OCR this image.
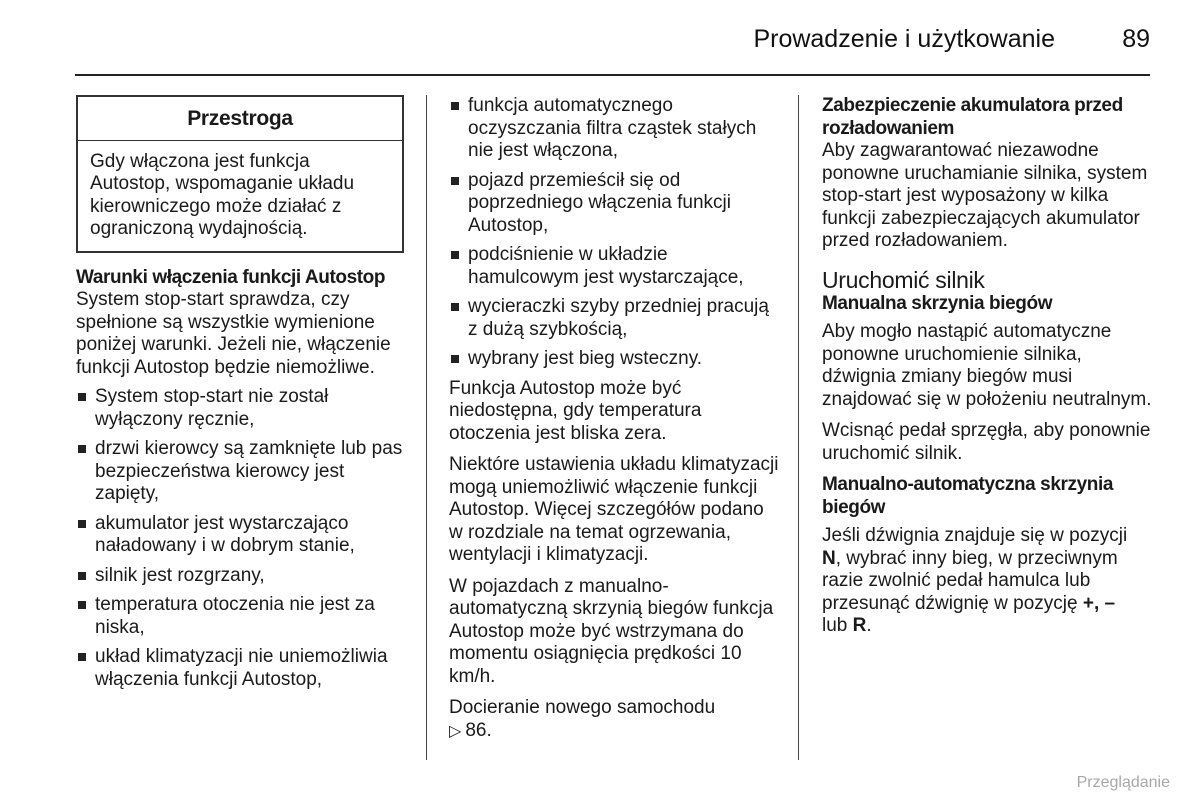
Prowadzenie i użytkowanie	89
Przestroga
Gdy włączona jest funkcja Autostop, wspomaganie układu kierowniczego może działać z ograniczoną wydajnością.
Warunki włączenia funkcji Autostop

System stop-start sprawdza, czy spełnione są wszystkie wymienione poniżej warunki. Jeżeli nie, włączenie funkcji Autostop będzie niemożliwe.

System stop-start nie został wyłączony ręcznie,
drzwi kierowcy są zamknięte lub pas bezpieczeństwa kierowcy jest zapięty,
akumulator jest wystarczająco naładowany i w dobrym stanie,
silnik jest rozgrzany,
temperatura otoczenia nie jest za niska,
układ klimatyzacji nie uniemożliwia włączenia funkcji Autostop,
funkcja automatycznego oczyszczania filtra cząstek stałych nie jest włączona,
pojazd przemieścił się od poprzedniego włączenia funkcji Autostop,
podciśnienie w układzie hamulcowym jest wystarczające,
wycieraczki szyby przedniej pracują z dużą szybkością,
wybrany jest bieg wsteczny.

Funkcja Autostop może być niedostępna, gdy temperatura otoczenia jest bliska zera.

Niektóre ustawienia układu klimatyzacji mogą uniemożliwić włączenie funkcji Autostop. Więcej szczegółów podano w rozdziale na temat ogrzewania, wentylacji i klimatyzacji.

W pojazdach z manualno-automatyczną skrzynią biegów funkcja Autostop może być wstrzymana do momentu osiągnięcia prędkości 10 km/h.

Docieranie nowego samochodu
▷ 86.

Zabezpieczenie akumulatora przed rozładowaniem

Aby zagwarantować niezawodne ponowne uruchamianie silnika, system stop-start jest wyposażony w kilka funkcji zabezpieczających akumulator przed rozładowaniem.

Uruchomić silnik
Manualna skrzynia biegów

Aby mogło nastąpić automatyczne ponowne uruchomienie silnika, dźwignia zmiany biegów musi znajdować się w położeniu neutralnym.

Wcisnąć pedał sprzęgła, aby ponownie uruchomić silnik.

Manualno-automatyczna skrzynia biegów

Jeśli dźwignia znajduje się w pozycji
N, wybrać inny bieg, w przeciwnym razie zwolnić pedał hamulca lub przesunąć dźwignię w pozycję +, –
lub R.

Przeglądanie
